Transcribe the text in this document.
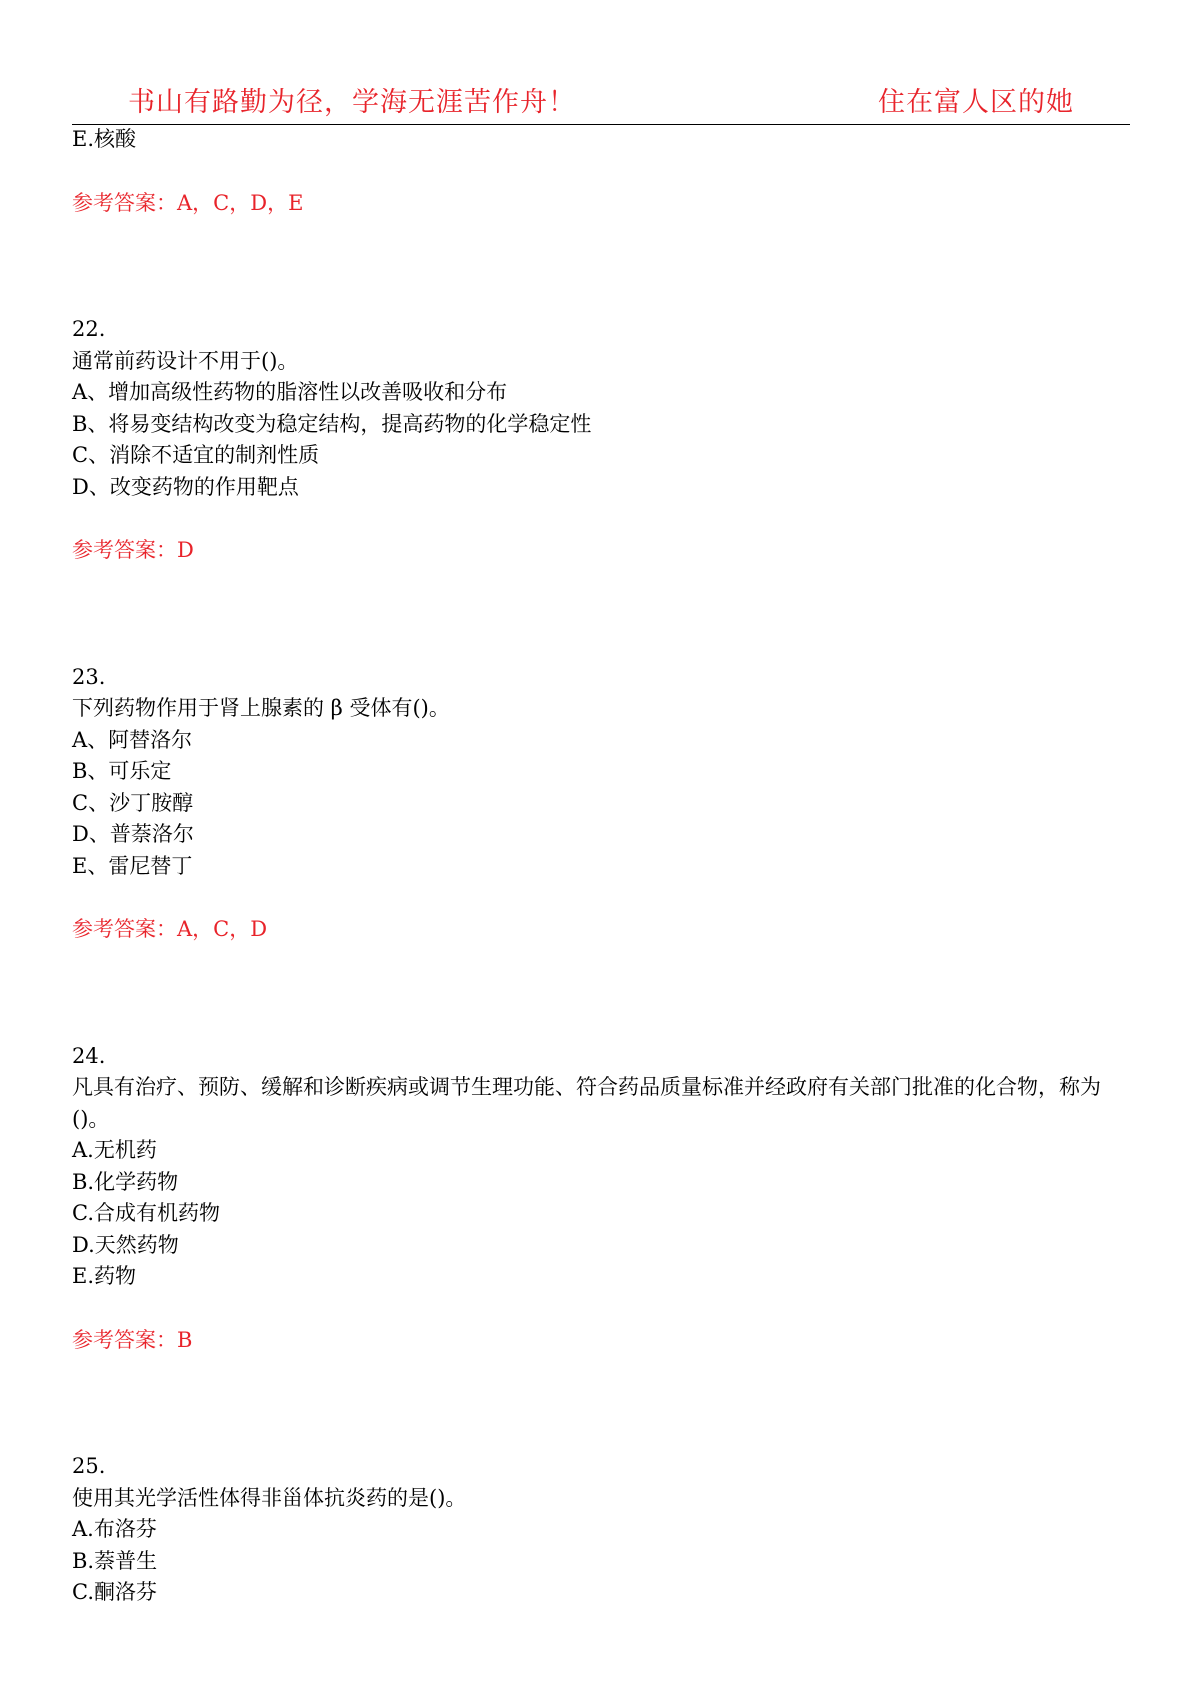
书山有路勤为径，学海无涯苦作舟！	住在富人区的她
E.核酸
参考答案：A，C，D，E
22.
通常前药设计不用于()。
A、增加高级性药物的脂溶性以改善吸收和分布
B、将易变结构改变为稳定结构，提高药物的化学稳定性
C、消除不适宜的制剂性质
D、改变药物的作用靶点
参考答案：D
23.
下列药物作用于肾上腺素的 β 受体有()。
A、阿替洛尔
B、可乐定
C、沙丁胺醇
D、普萘洛尔
E、雷尼替丁
参考答案：A，C，D
24.
凡具有治疗、预防、缓解和诊断疾病或调节生理功能、符合药品质量标准并经政府有关部门批准的化合物，称为()。
A.无机药
B.化学药物
C.合成有机药物
D.天然药物
E.药物
参考答案：B
25.
使用其光学活性体得非甾体抗炎药的是()。
A.布洛芬
B.萘普生
C.酮洛芬
